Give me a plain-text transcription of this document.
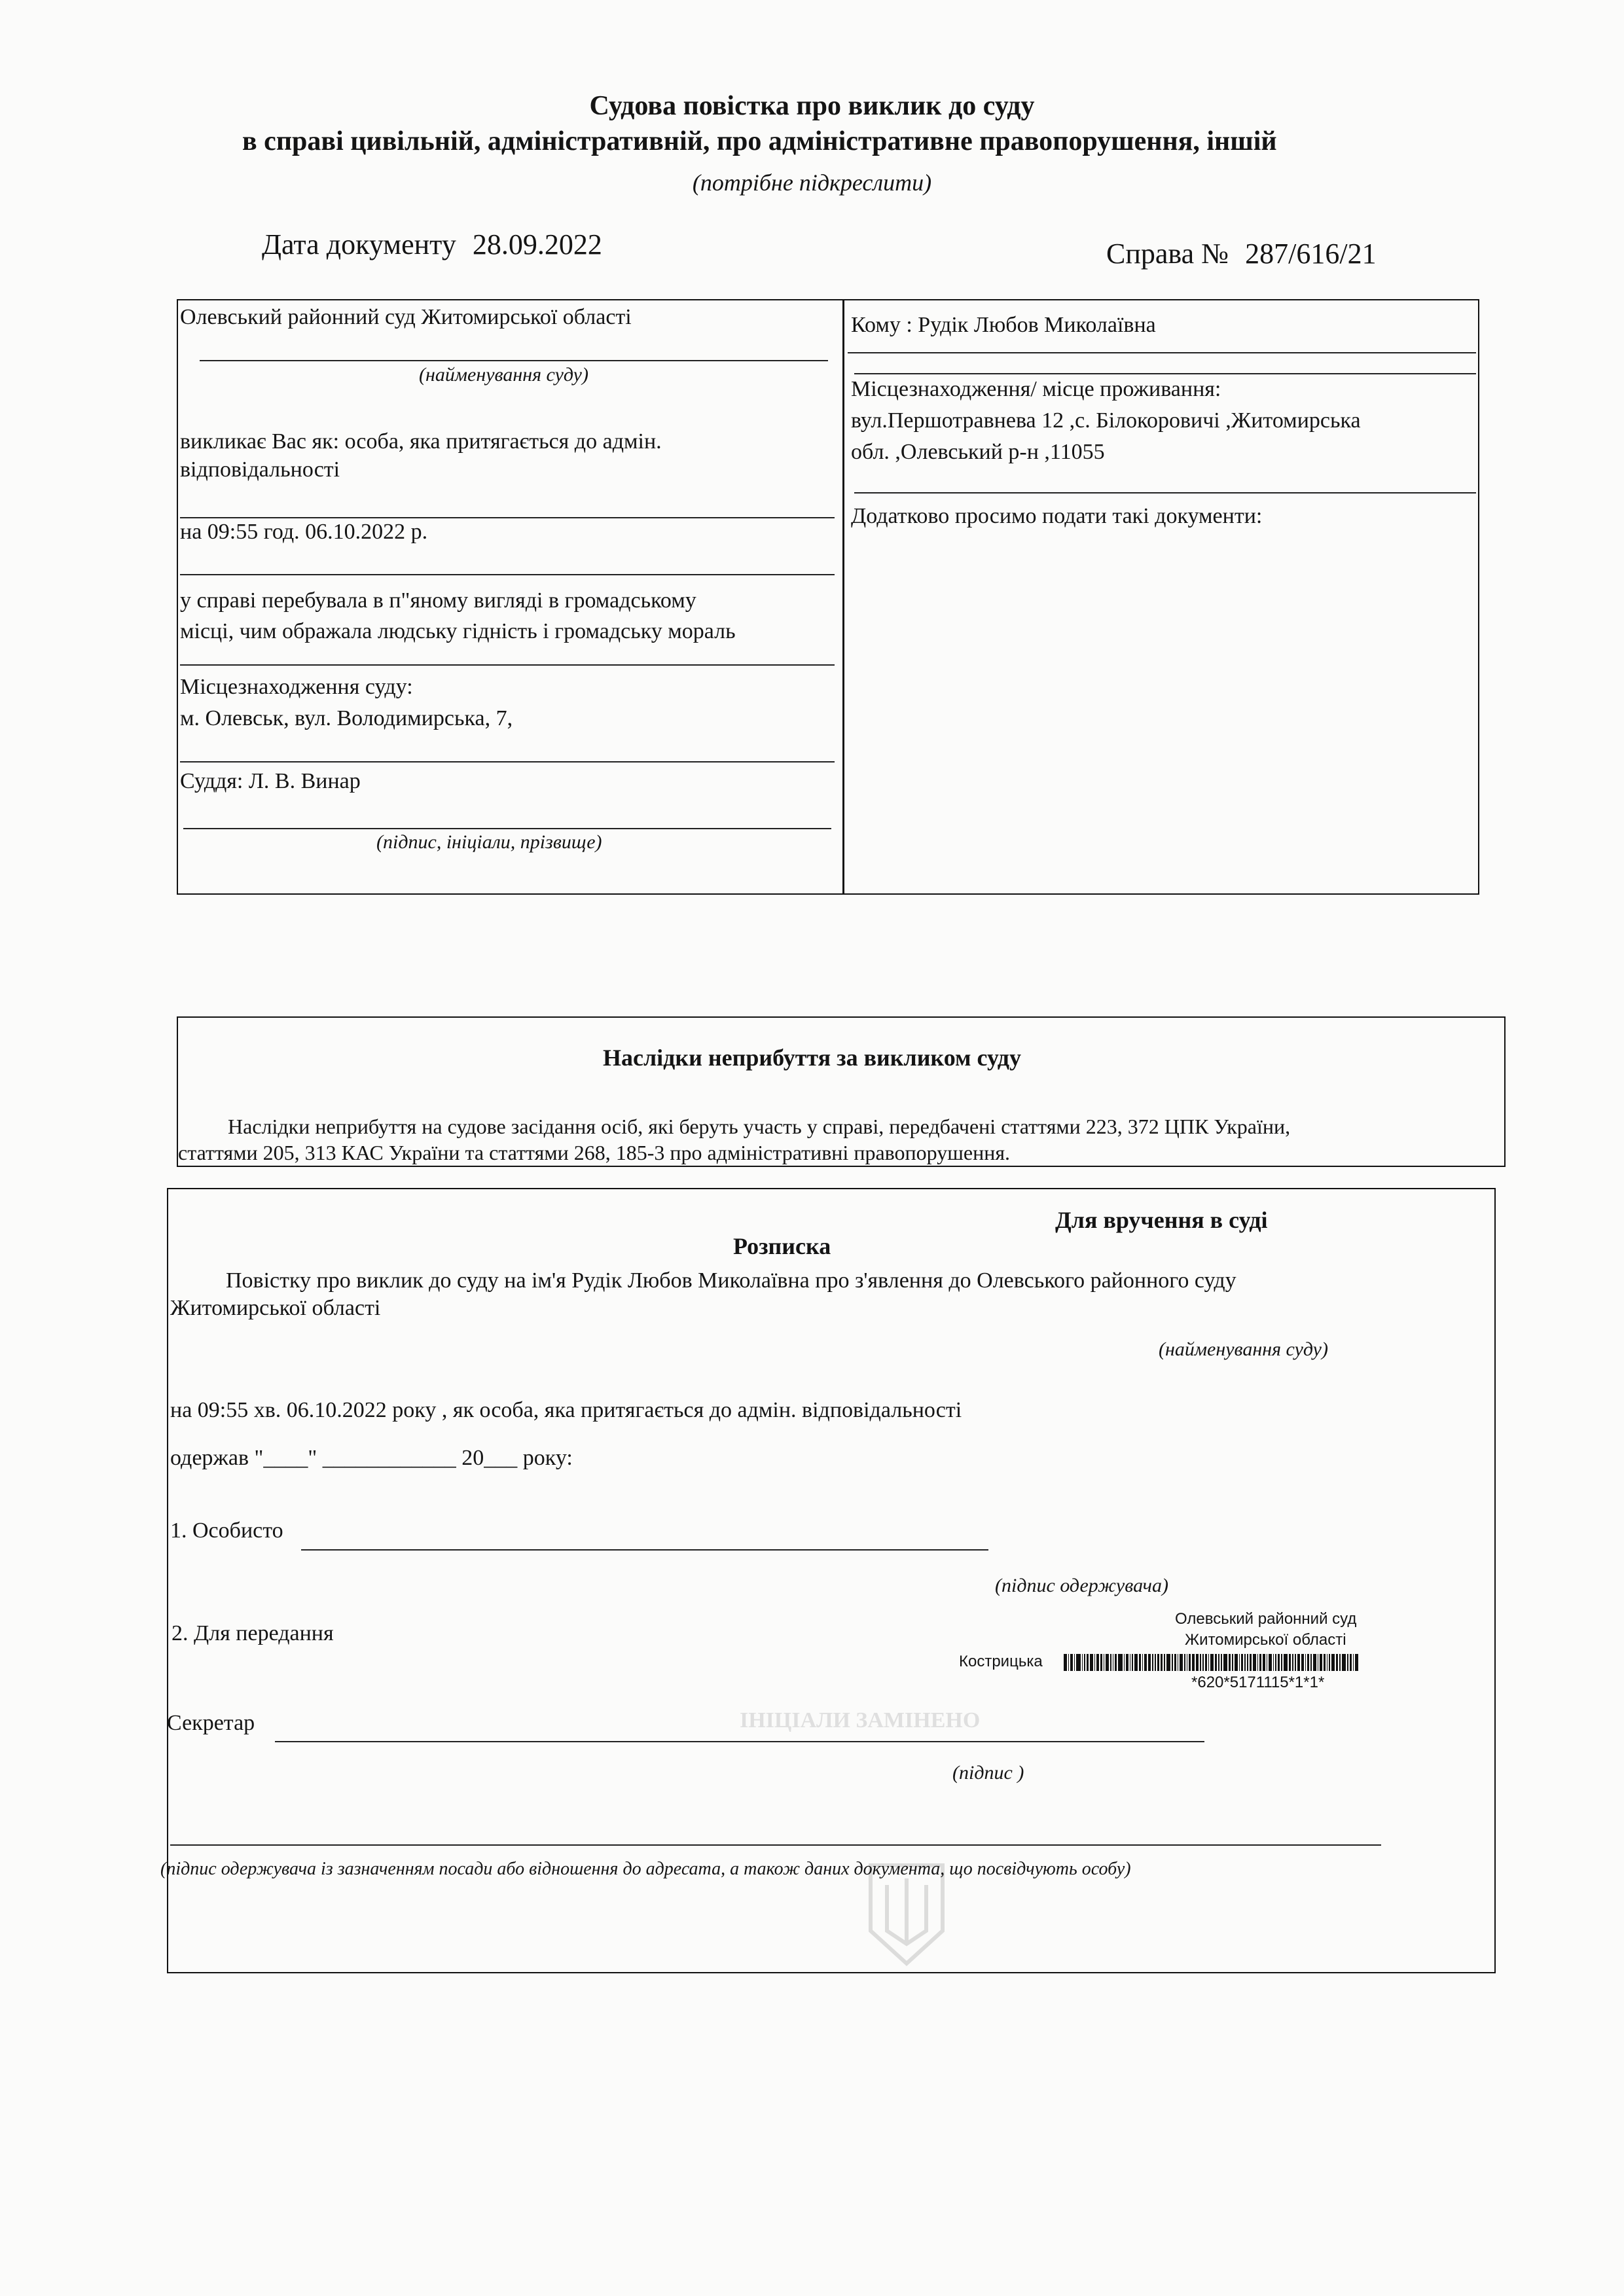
ІНІЦІАЛИ ЗАМІНЕНО
Судова повістка про виклик до суду
в справі цивільній, адміністративній, про адміністративне правопорушення, іншій
(потрібне підкреслити)
Дата документу 28.09.2022	Справа № 287/616/21
Олевський районний суд Житомирської області
(найменування суду)
викликає Вас як: особа, яка притягається до адмін.
відповідальності
на 09:55 год. 06.10.2022 р.
у справі перебувала в п"яному вигляді в громадському
місці, чим ображала людську гідність і громадську мораль
Місцезнаходження суду:
м. Олевськ, вул. Володимирська, 7,
Суддя: Л. В. Винар
(підпис, ініціали, прізвище)
Кому : Рудік Любов Миколаївна
Місцезнаходження/ місце проживання:
вул.Першотравнева 12 ,с. Білокоровичі ,Житомирська
обл. ,Олевський р-н ,11055
Додатково просимо подати такі документи:
Наслідки неприбуття за викликом суду
Наслідки неприбуття на судове засідання осіб, які беруть участь у справі, передбачені статтями 223, 372 ЦПК України,
статтями 205, 313 КАС України та статтями 268, 185-3 про адміністративні правопорушення.
Для вручення в суді
Розписка
Повістку про виклик до суду на ім'я Рудік Любов Миколаївна про з'явлення до Олевського районного суду
Житомирської області
(найменування суду)
на 09:55 хв. 06.10.2022 року , як особа, яка притягається до адмін. відповідальності
одержав "____" ____________ 20___ року:
1. Особисто
(підпис одержувача)
2. Для передання
Секретар
(підпис )
(підпис одержувача із зазначенням посади або відношення до адресата, а також даних документа, що посвідчують особу)
Олевський районний суд
Житомирської області
Кострицька
*620*5171115*1*1*
